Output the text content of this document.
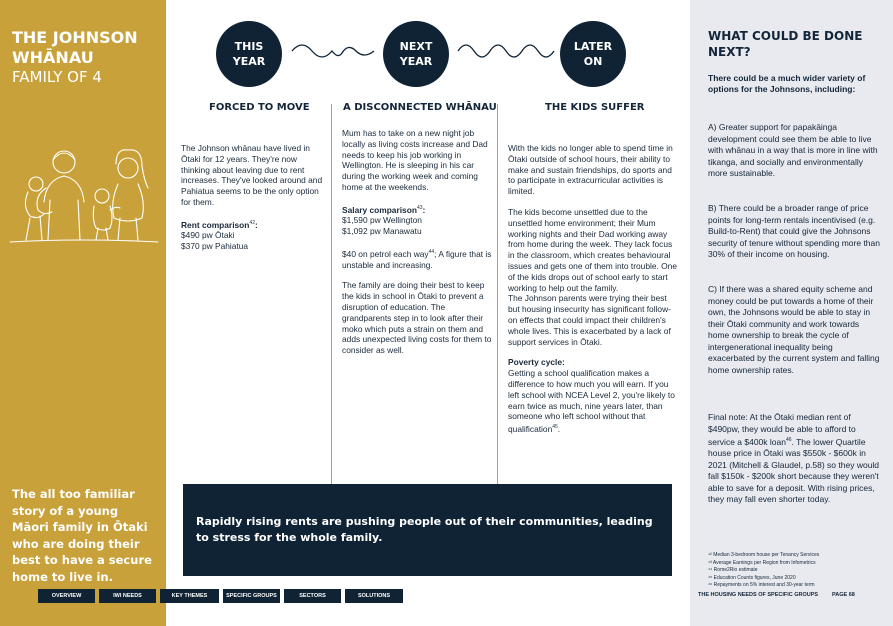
THE JOHNSON
WHĀNAU
FAMILY OF 4
The all too familiar story of a young Māori family in Ōtaki who are doing their best to have a secure home to live in.
THIS
YEAR
NEXT
YEAR
LATER
ON
FORCED TO MOVE	A DISCONNECTED WHĀNAU	THE KIDS SUFFER

The Johnson whānau have lived in Ōtaki for 12 years. They're now thinking about leaving due to rent increases. They've looked around and Pahiatua seems to be the only option for them.

Rent comparison$^{42}$:

$490 pw Ōtaki

$370 pw Pahiatua

Mum has to take on a new night job locally as living costs increase and Dad needs to keep his job working in Wellington. He is sleeping in his car during the working week and coming home at the weekends.

Salary comparison$^{43}$:

$1,590 pw Wellington

$1,092 pw Manawatu

$40 on petrol each way$^{44}$; A figure that is unstable and increasing.

The family are doing their best to keep the kids in school in Ōtaki to prevent a disruption of education. The grandparents step in to look after their moko which puts a strain on them and adds unexpected living costs for them to consider as well.

With the kids no longer able to spend time in Ōtaki outside of school hours, their ability to make and sustain friendships, do sports and to participate in extracurricular activities is limited.

The kids become unsettled due to the unsettled home environment; their Mum working nights and their Dad working away from home during the week. They lack focus in the classroom, which creates behavioural issues and gets one of them into trouble. One of the kids drops out of school early to start working to help out the family.

The Johnson parents were trying their best but housing insecurity has significant follow-on effects that could impact their children's whole lives. This is exacerbated by a lack of support services in Ōtaki.

Poverty cycle:

Getting a school qualification makes a difference to how much you will earn. If you left school with NCEA Level 2, you're likely to earn twice as much, nine years later, than someone who left school without that qualification$^{45}$.

Rapidly rising rents are pushing people out of their communities, leading to stress for the whole family.
OVERVIEW	IWI NEEDS	KEY THEMES	SPECIFIC GROUPS	SECTORS	SOLUTIONS
WHAT COULD BE DONE NEXT?
There could be a much wider variety of options for the Johnsons, including:
A) Greater support for papakāinga development could see them be able to live with whānau in a way that is more in line with tikanga, and socially and environmentally more sustainable.
B) There could be a broader range of price points for long-term rentals incentivised (e.g. Build-to-Rent) that could give the Johnsons security of tenure without spending more than 30% of their income on housing.
C) If there was a shared equity scheme and money could be put towards a home of their own, the Johnsons would be able to stay in their Ōtaki community and work towards home ownership to break the cycle of intergenerational inequality being exacerbated by the current system and falling home ownership rates.
Final note: At the Ōtaki median rent of $490pw, they would be able to afford to service a $400k loan$^{46}$. The lower Quartile house price in Ōtaki was $550k - $600k in 2021 (Mitchell & Glaudel, p.58) so they would fall $150k - $200k short because they weren't able to save for a deposit. With rising prices, they may fall even shorter today.
⁴² Median 3-bedroom house per Tenancy Services
⁴³ Average Earnings per Region from Infometrics
⁴⁴ Rome2Rio estimate
⁴⁵ Education Counts figures, June 2020
⁴⁶ Repayments on 5% interest and 30-year term
THE HOUSING NEEDS OF SPECIFIC GROUPS	PAGE 68
